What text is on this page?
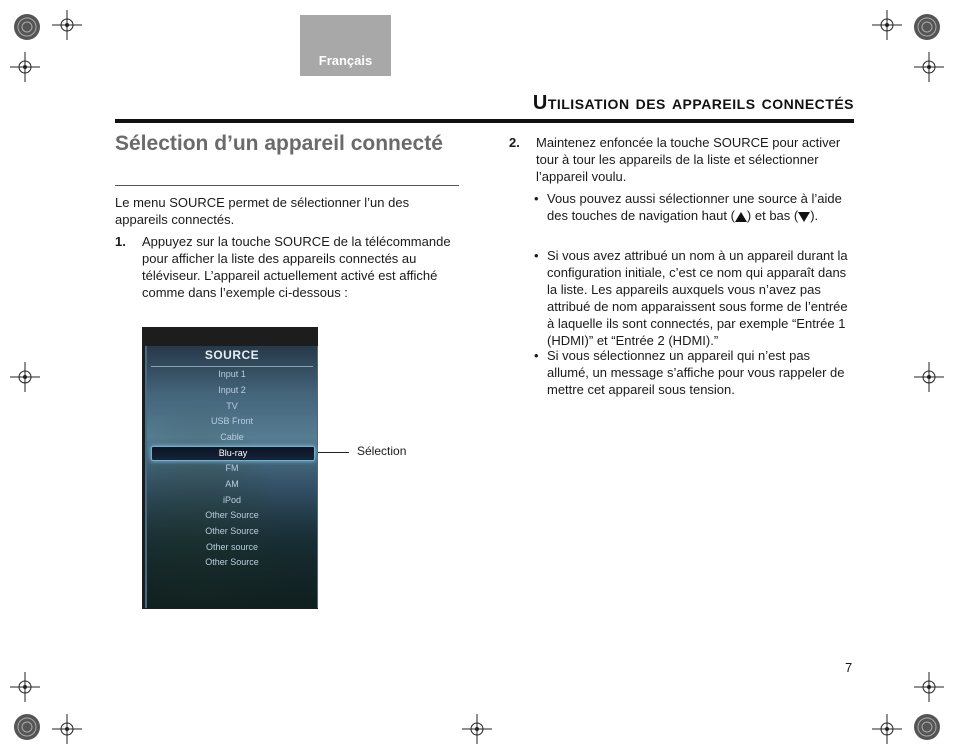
Français
Utilisation des appareils connectés
Sélection d’un appareil connecté
Le menu SOURCE permet de sélectionner l’un des appareils connectés.
1. Appuyez sur la touche SOURCE de la télécommande pour afficher la liste des appareils connectés au téléviseur. L’appareil actuellement activé est affiché comme dans l’exemple ci-dessous :
SOURCE
Input 1
Input 2
TV
USB Front
Cable
Blu-ray
FM
AM
iPod
Other Source
Other Source
Other source
Other Source
Sélection
2. Maintenez enfoncée la touche SOURCE pour activer tour à tour les appareils de la liste et sélectionner l’appareil voulu.
• Vous pouvez aussi sélectionner une source à l’aide des touches de navigation haut ( ) et bas ( ).
• Si vous avez attribué un nom à un appareil durant la configuration initiale, c’est ce nom qui apparaît dans la liste. Les appareils auxquels vous n’avez pas attribué de nom apparaissent sous forme de l’entrée à laquelle ils sont connectés, par exemple “Entrée 1 (HDMI)” et “Entrée 2 (HDMI).”
• Si vous sélectionnez un appareil qui n’est pas allumé, un message s’affiche pour vous rappeler de mettre cet appareil sous tension.
7
